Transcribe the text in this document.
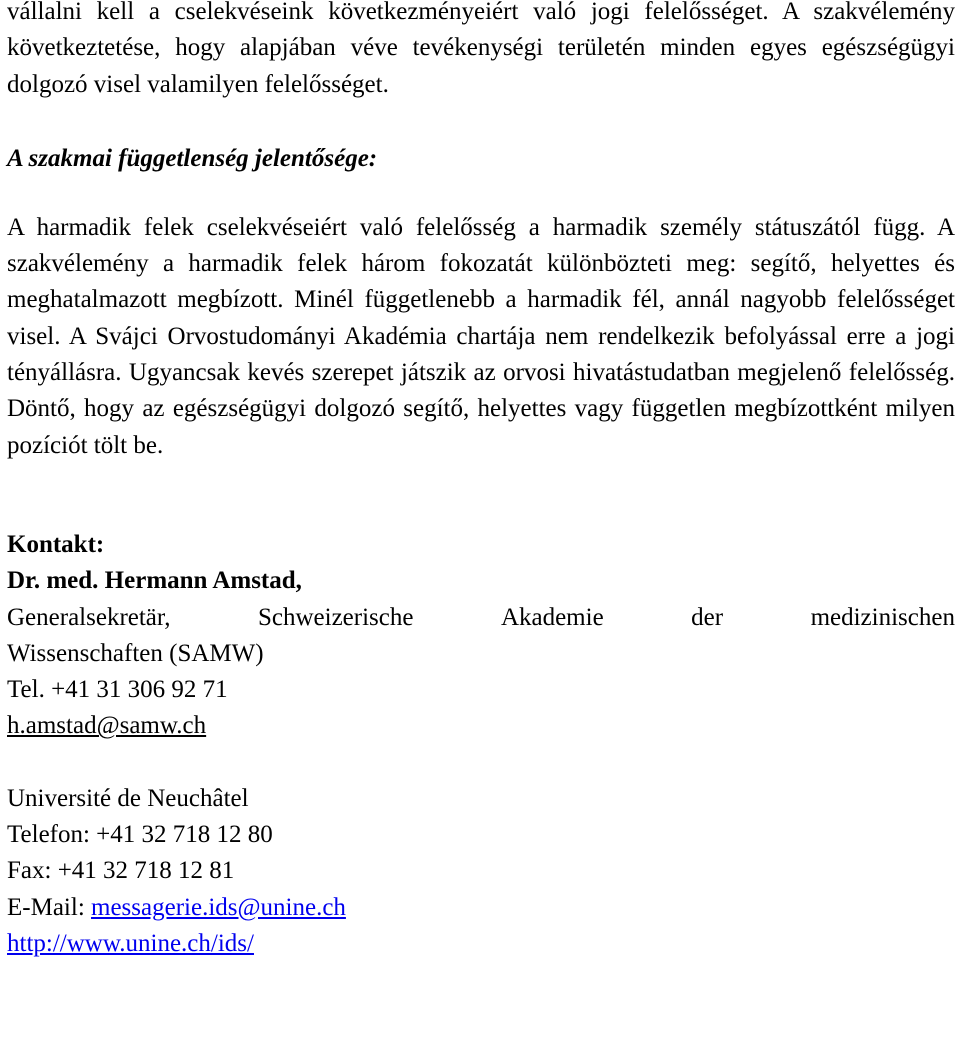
vállalni kell a cselekvéseink következményeiért való jogi felelősséget. A szakvélemény következtetése, hogy alapjában véve tevékenységi területén minden egyes egészségügyi dolgozó visel valamilyen felelősséget.

A szakmai függetlenség jelentősége:

A harmadik felek cselekvéseiért való felelősség a harmadik személy státuszától függ. A szakvélemény a harmadik felek három fokozatát különbözteti meg: segítő, helyettes és meghatalmazott megbízott. Minél függetlenebb a harmadik fél, annál nagyobb felelősséget visel. A Svájci Orvostudományi Akadémia chartája nem rendelkezik befolyással erre a jogi tényállásra. Ugyancsak kevés szerepet játszik az orvosi hivatástudatban megjelenő felelősség. Döntő, hogy az egészségügyi dolgozó segítő, helyettes vagy független megbízottként milyen pozíciót tölt be.

Kontakt:
Dr. med. Hermann Amstad,
Generalsekretär,	Schweizerische	Akademie	der	medizinischen
Wissenschaften (SAMW)
Tel. +41 31 306 92 71
h.amstad@samw.ch
Université de Neuchâtel
Telefon: +41 32 718 12 80
Fax: +41 32 718 12 81
E-Mail: messagerie.ids@unine.ch
http://www.unine.ch/ids/
